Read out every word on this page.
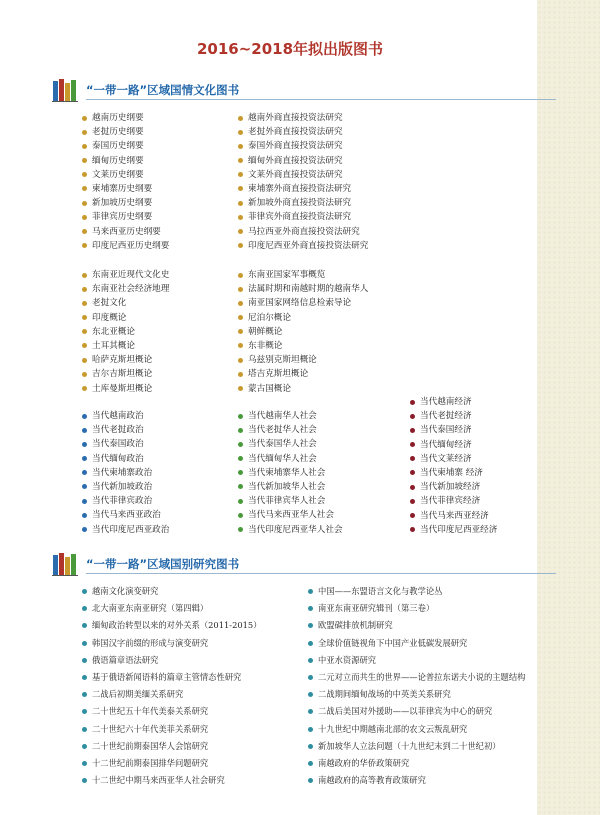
2016~2018年拟出版图书
“一带一路”区域国情文化图书
越南历史纲要
老挝历史纲要
泰国历史纲要
缅甸历史纲要
文莱历史纲要
柬埔寨历史纲要
新加坡历史纲要
菲律宾历史纲要
马来西亚历史纲要
印度尼西亚历史纲要
越南外商直接投资法研究
老挝外商直接投资法研究
泰国外商直接投资法研究
缅甸外商直接投资法研究
文莱外商直接投资法研究
柬埔寨外商直接投资法研究
新加坡外商直接投资法研究
菲律宾外商直接投资法研究
马拉西亚外商直接投资法研究
印度尼西亚外商直接投资法研究
东南亚近现代文化史
东南亚社会经济地理
老挝文化
印度概论
东北亚概论
土耳其概论
哈萨克斯坦概论
吉尔吉斯坦概论
土库曼斯坦概论
东南亚国家军事概览
法属时期和南越时期的越南华人
南亚国家网络信息检索导论
尼泊尔概论
朝鲜概论
东非概论
乌兹别克斯坦概论
塔吉克斯坦概论
蒙古国概论
当代越南政治
当代老挝政治
当代泰国政治
当代缅甸政治
当代柬埔寨政治
当代新加坡政治
当代菲律宾政治
当代马来西亚政治
当代印度尼西亚政治
当代越南华人社会
当代老挝华人社会
当代泰国华人社会
当代缅甸华人社会
当代柬埔寨华人社会
当代新加坡华人社会
当代菲律宾华人社会
当代马来西亚华人社会
当代印度尼西亚华人社会
当代越南经济
当代老挝经济
当代泰国经济
当代缅甸经济
当代文莱经济
当代柬埔寨 经济
当代新加坡经济
当代菲律宾经济
当代马来西亚经济
当代印度尼西亚经济
“一带一路”区域国别研究图书
越南文化演变研究
北大南亚东南亚研究（第四辑）
缅甸政治转型以来的对外关系（2011-2015）
韩国汉字前缀的形成与演变研究
俄语篇章语法研究
基于俄语新闻语料的篇章主管情态性研究
二战后初期美缅关系研究
二十世纪五十年代美泰关系研究
二十世纪六十年代美菲关系研究
二十世纪前期泰国华人会馆研究
十二世纪前期泰国排华问题研究
十二世纪中期马来西亚华人社会研究
中国——东盟语言文化与教学论丛
南亚东南亚研究辑刊（第三卷）
欧盟碳排放机制研究
全球价值链视角下中国产业低碳发展研究
中亚水资源研究
二元对立而共生的世界——论普拉东诺夫小说的主题结构
二战期间缅甸战场的中英美关系研究
二战后美国对外援助——以菲律宾为中心的研究
十九世纪中期越南北部的农文云叛乱研究
新加坡华人立法问题（十九世纪末到二十世纪初）
南越政府的华侨政策研究
南越政府的高等教育政策研究
